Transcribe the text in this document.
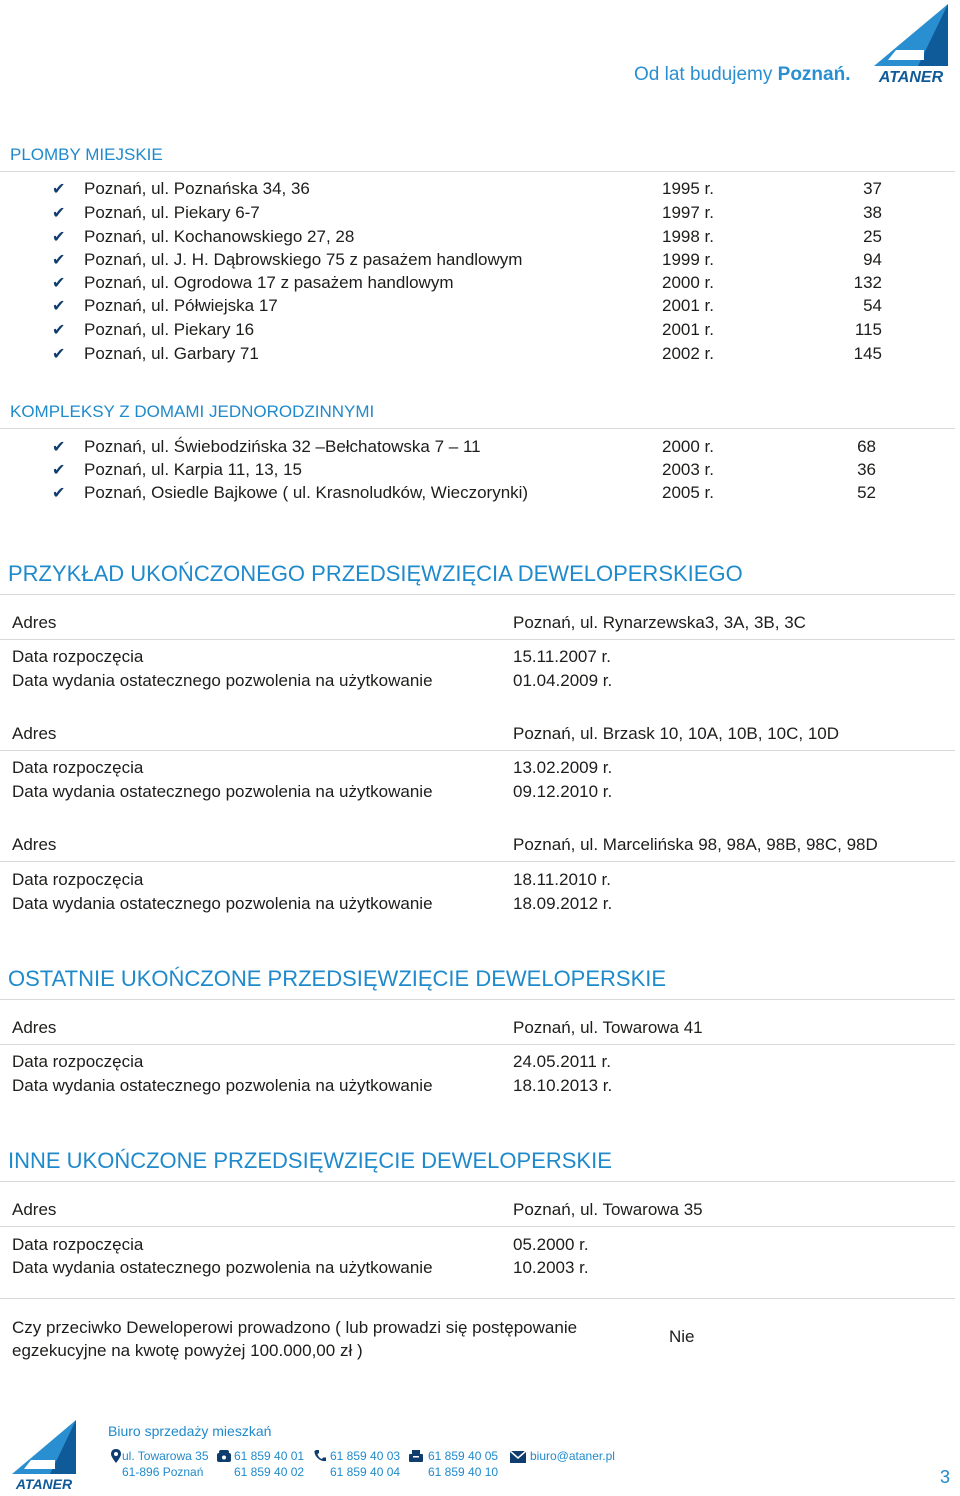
Od lat budujemy Poznań. ATANER
PLOMBY MIEJSKIE
✔ Poznań, ul. Poznańska 34, 36	1995 r.	37
✔ Poznań, ul. Piekary 6-7	1997 r.	38
✔ Poznań, ul. Kochanowskiego 27, 28	1998 r.	25
✔ Poznań, ul. J. H. Dąbrowskiego 75 z pasażem handlowym	1999 r.	94
✔ Poznań, ul. Ogrodowa 17 z pasażem handlowym	2000 r.	132
✔ Poznań, ul. Półwiejska 17	2001 r.	54
✔ Poznań, ul. Piekary 16	2001 r.	115
✔ Poznań, ul. Garbary 71	2002 r.	145
KOMPLEKSY Z DOMAMI JEDNORODZINNYMI
✔ Poznań, ul. Świebodzińska 32 –Bełchatowska 7 – 11	2000 r.	68
✔ Poznań, ul. Karpia 11, 13, 15	2003 r.	36
✔ Poznań, Osiedle Bajkowe ( ul. Krasnoludków, Wieczorynki)	2005 r.	52
PRZYKŁAD UKOŃCZONEGO PRZEDSIĘWZIĘCIA DEWELOPERSKIEGO
Adres	Poznań, ul. Rynarzewska3, 3A, 3B, 3C
Data rozpoczęcia	15.11.2007 r.
Data wydania ostatecznego pozwolenia na użytkowanie	01.04.2009 r.
Adres	Poznań, ul. Brzask 10, 10A, 10B, 10C, 10D
Data rozpoczęcia	13.02.2009 r.
Data wydania ostatecznego pozwolenia na użytkowanie	09.12.2010 r.
Adres	Poznań, ul. Marcelińska 98, 98A, 98B, 98C, 98D
Data rozpoczęcia	18.11.2010 r.
Data wydania ostatecznego pozwolenia na użytkowanie	18.09.2012 r.
OSTATNIE UKOŃCZONE PRZEDSIĘWZIĘCIE DEWELOPERSKIE
Adres	Poznań, ul. Towarowa 41
Data rozpoczęcia	24.05.2011 r.
Data wydania ostatecznego pozwolenia na użytkowanie	18.10.2013 r.
INNE UKOŃCZONE PRZEDSIĘWZIĘCIE DEWELOPERSKIE
Adres	Poznań, ul. Towarowa 35
Data rozpoczęcia	05.2000 r.
Data wydania ostatecznego pozwolenia na użytkowanie	10.2003 r.
Czy przeciwko Deweloperowi prowadzono ( lub prowadzi się postępowanie egzekucyjne na kwotę powyżej 100.000,00 zł )
Nie
ATANER
Biuro sprzedaży mieszkań
ul. Towarowa 35
61-896 Poznań
61 859 40 01
61 859 40 02
61 859 40 03
61 859 40 04
61 859 40 05
61 859 40 10
biuro@ataner.pl
3
